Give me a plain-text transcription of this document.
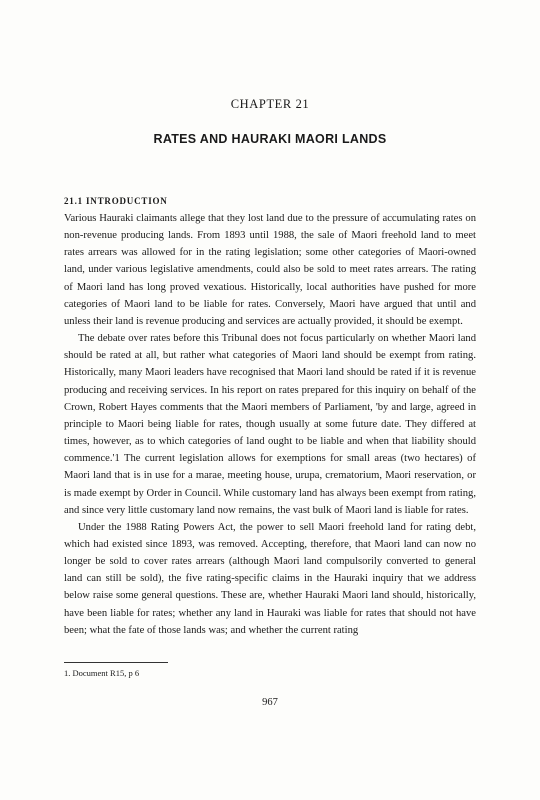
CHAPTER 21
RATES AND HAURAKI MAORI LANDS
21.1 INTRODUCTION

Various Hauraki claimants allege that they lost land due to the pressure of accumulating rates on non-revenue producing lands. From 1893 until 1988, the sale of Maori freehold land to meet rates arrears was allowed for in the rating legislation; some other categories of Maori-owned land, under various legislative amendments, could also be sold to meet rates arrears. The rating of Maori land has long proved vexatious. Historically, local authorities have pushed for more categories of Maori land to be liable for rates. Conversely, Maori have argued that until and unless their land is revenue producing and services are actually provided, it should be exempt.

The debate over rates before this Tribunal does not focus particularly on whether Maori land should be rated at all, but rather what categories of Maori land should be exempt from rating. Historically, many Maori leaders have recognised that Maori land should be rated if it is revenue producing and receiving services. In his report on rates prepared for this inquiry on behalf of the Crown, Robert Hayes comments that the Maori members of Parliament, 'by and large, agreed in principle to Maori being liable for rates, though usually at some future date. They differed at times, however, as to which categories of land ought to be liable and when that liability should commence.'1 The current legislation allows for exemptions for small areas (two hectares) of Maori land that is in use for a marae, meeting house, urupa, crematorium, Maori reservation, or is made exempt by Order in Council. While customary land has always been exempt from rating, and since very little customary land now remains, the vast bulk of Maori land is liable for rates.

Under the 1988 Rating Powers Act, the power to sell Maori freehold land for rating debt, which had existed since 1893, was removed. Accepting, therefore, that Maori land can now no longer be sold to cover rates arrears (although Maori land compulsorily converted to general land can still be sold), the five rating-specific claims in the Hauraki inquiry that we address below raise some general questions. These are, whether Hauraki Maori land should, historically, have been liable for rates; whether any land in Hauraki was liable for rates that should not have been; what the fate of those lands was; and whether the current rating

1. Document R15, p 6
967
